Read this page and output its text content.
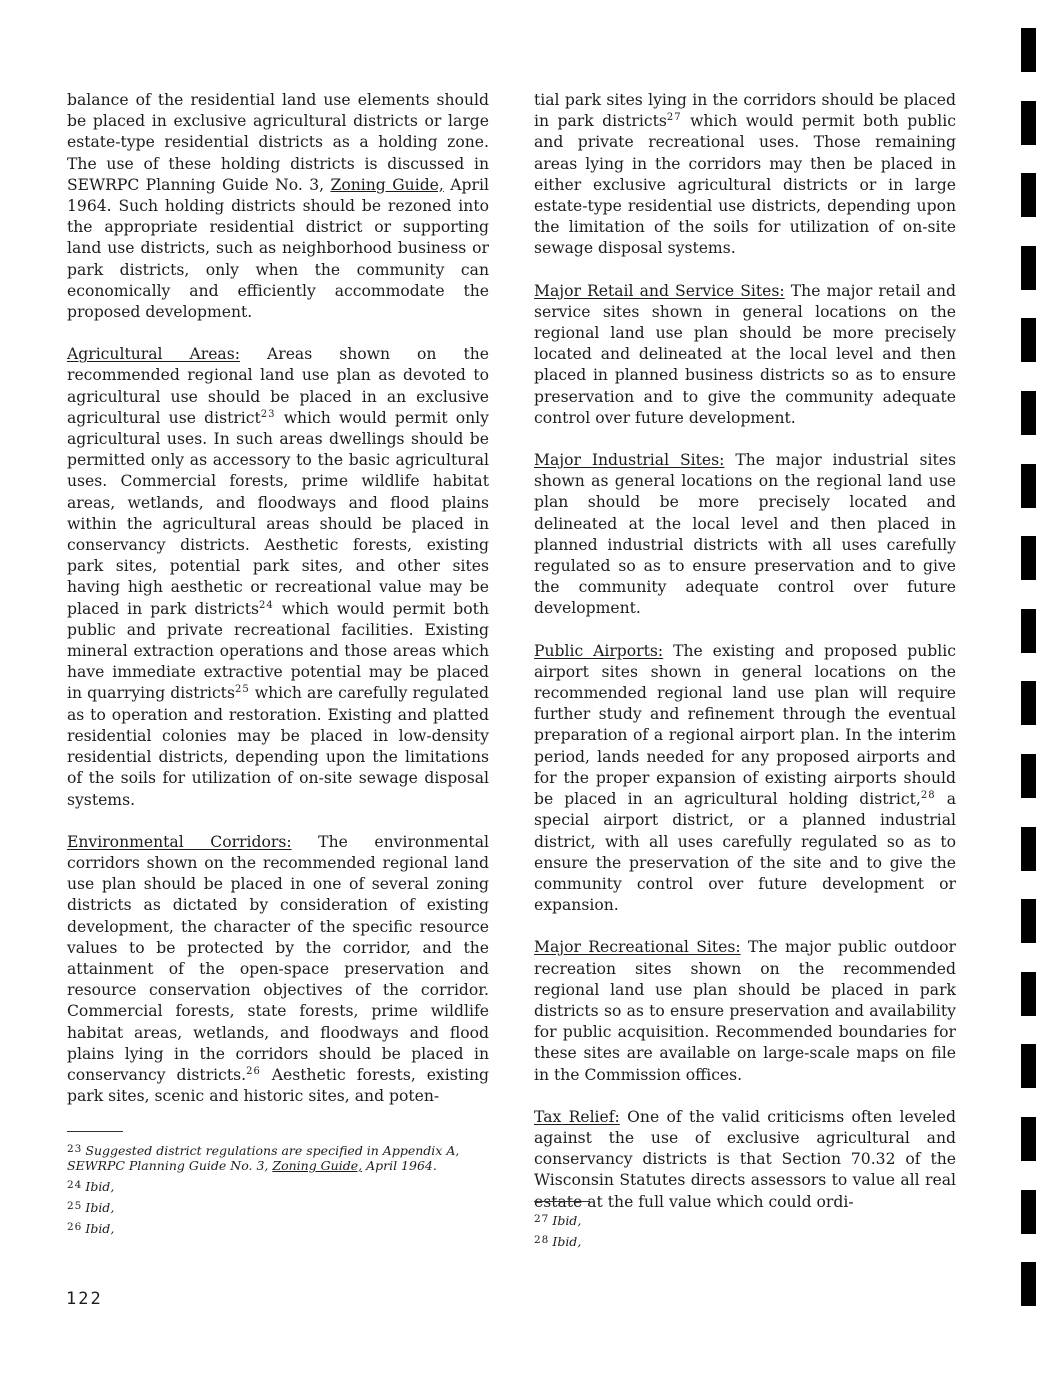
balance of the residential land use elements should be placed in exclusive agricultural districts or large estate-type residential districts as a holding zone. The use of these holding districts is discussed in SEWRPC Planning Guide No. 3, Zoning Guide, April 1964. Such holding districts should be rezoned into the appropriate residential district or supporting land use districts, such as neighborhood business or park districts, only when the community can economically and efficiently accommodate the proposed development.

Agricultural Areas: Areas shown on the recommended regional land use plan as devoted to agricultural use should be placed in an exclusive agricultural use district$^{23}$ which would permit only agricultural uses. In such areas dwellings should be permitted only as accessory to the basic agricultural uses. Commercial forests, prime wildlife habitat areas, wetlands, and floodways and flood plains within the agricultural areas should be placed in conservancy districts. Aesthetic forests, existing park sites, potential park sites, and other sites having high aesthetic or recreational value may be placed in park districts$^{24}$ which would permit both public and private recreational facilities. Existing mineral extraction operations and those areas which have immediate extractive potential may be placed in quarrying districts$^{25}$ which are carefully regulated as to operation and restoration. Existing and platted residential colonies may be placed in low-density residential districts, depending upon the limitations of the soils for utilization of on-site sewage disposal systems.

Environmental Corridors: The environmental corridors shown on the recommended regional land use plan should be placed in one of several zoning districts as dictated by consideration of existing development, the character of the specific resource values to be protected by the corridor, and the attainment of the open-space preservation and resource conservation objectives of the corridor. Commercial forests, state forests, prime wildlife habitat areas, wetlands, and floodways and flood plains lying in the corridors should be placed in conservancy districts.$^{26}$ Aesthetic forests, existing park sites, scenic and historic sites, and poten-

tial park sites lying in the corridors should be placed in park districts$^{27}$ which would permit both public and private recreational uses. Those remaining areas lying in the corridors may then be placed in either exclusive agricultural districts or in large estate-type residential use districts, depending upon the limitation of the soils for utilization of on-site sewage disposal systems.

Major Retail and Service Sites: The major retail and service sites shown in general locations on the regional land use plan should be more precisely located and delineated at the local level and then placed in planned business districts so as to ensure preservation and to give the community adequate control over future development.

Major Industrial Sites: The major industrial sites shown as general locations on the regional land use plan should be more precisely located and delineated at the local level and then placed in planned industrial districts with all uses carefully regulated so as to ensure preservation and to give the community adequate control over future development.

Public Airports: The existing and proposed public airport sites shown in general locations on the recommended regional land use plan will require further study and refinement through the eventual preparation of a regional airport plan. In the interim period, lands needed for any proposed airports and for the proper expansion of existing airports should be placed in an agricultural holding district,$^{28}$ a special airport district, or a planned industrial district, with all uses carefully regulated so as to ensure the preservation of the site and to give the community control over future development or expansion.

Major Recreational Sites: The major public outdoor recreation sites shown on the recommended regional land use plan should be placed in park districts so as to ensure preservation and availability for public acquisition. Recommended boundaries for these sites are available on large-scale maps on file in the Commission offices.

Tax Relief: One of the valid criticisms often leveled against the use of exclusive agricultural and conservancy districts is that Section 70.32 of the Wisconsin Statutes directs assessors to value all real estate at the full value which could ordi-

$^{23}$ Suggested district regulations are specified in Appendix A, SEWRPC Planning Guide No. 3, Zoning Guide, April 1964.

$^{24}$ Ibid,

$^{25}$ Ibid,

$^{26}$ Ibid,

$^{27}$ Ibid,

$^{28}$ Ibid,

122
